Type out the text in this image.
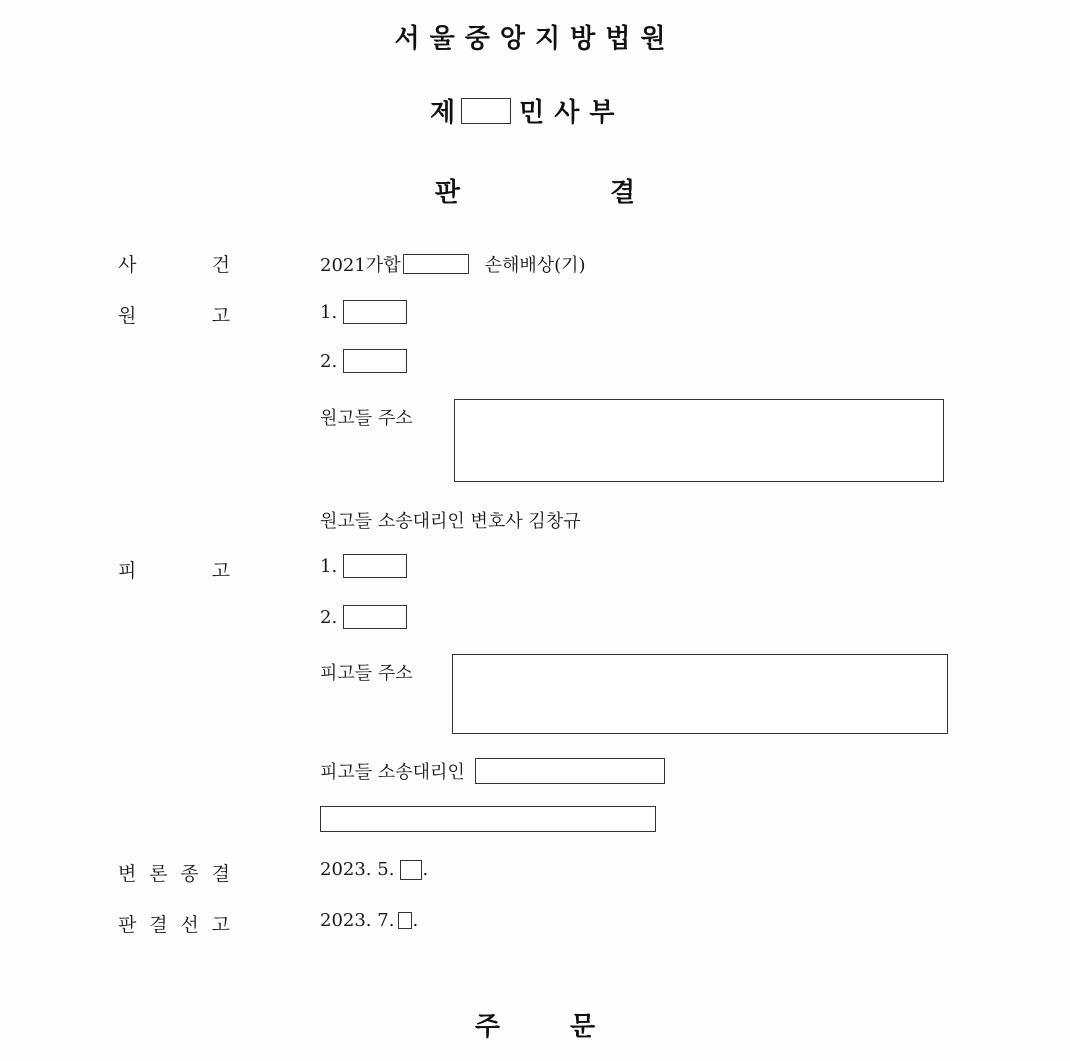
서울중앙지방법원
제 민사부
판	결
사	건	2021가합	손해배상(기)
원	고	1.
2.
원고들 주소
원고들 소송대리인 변호사 김창규
피	고	1.
2.
피고들 주소
피고들 소송대리인
변 론 종 결	2023. 5. .
판 결 선 고	2023. 7. .
주	문
